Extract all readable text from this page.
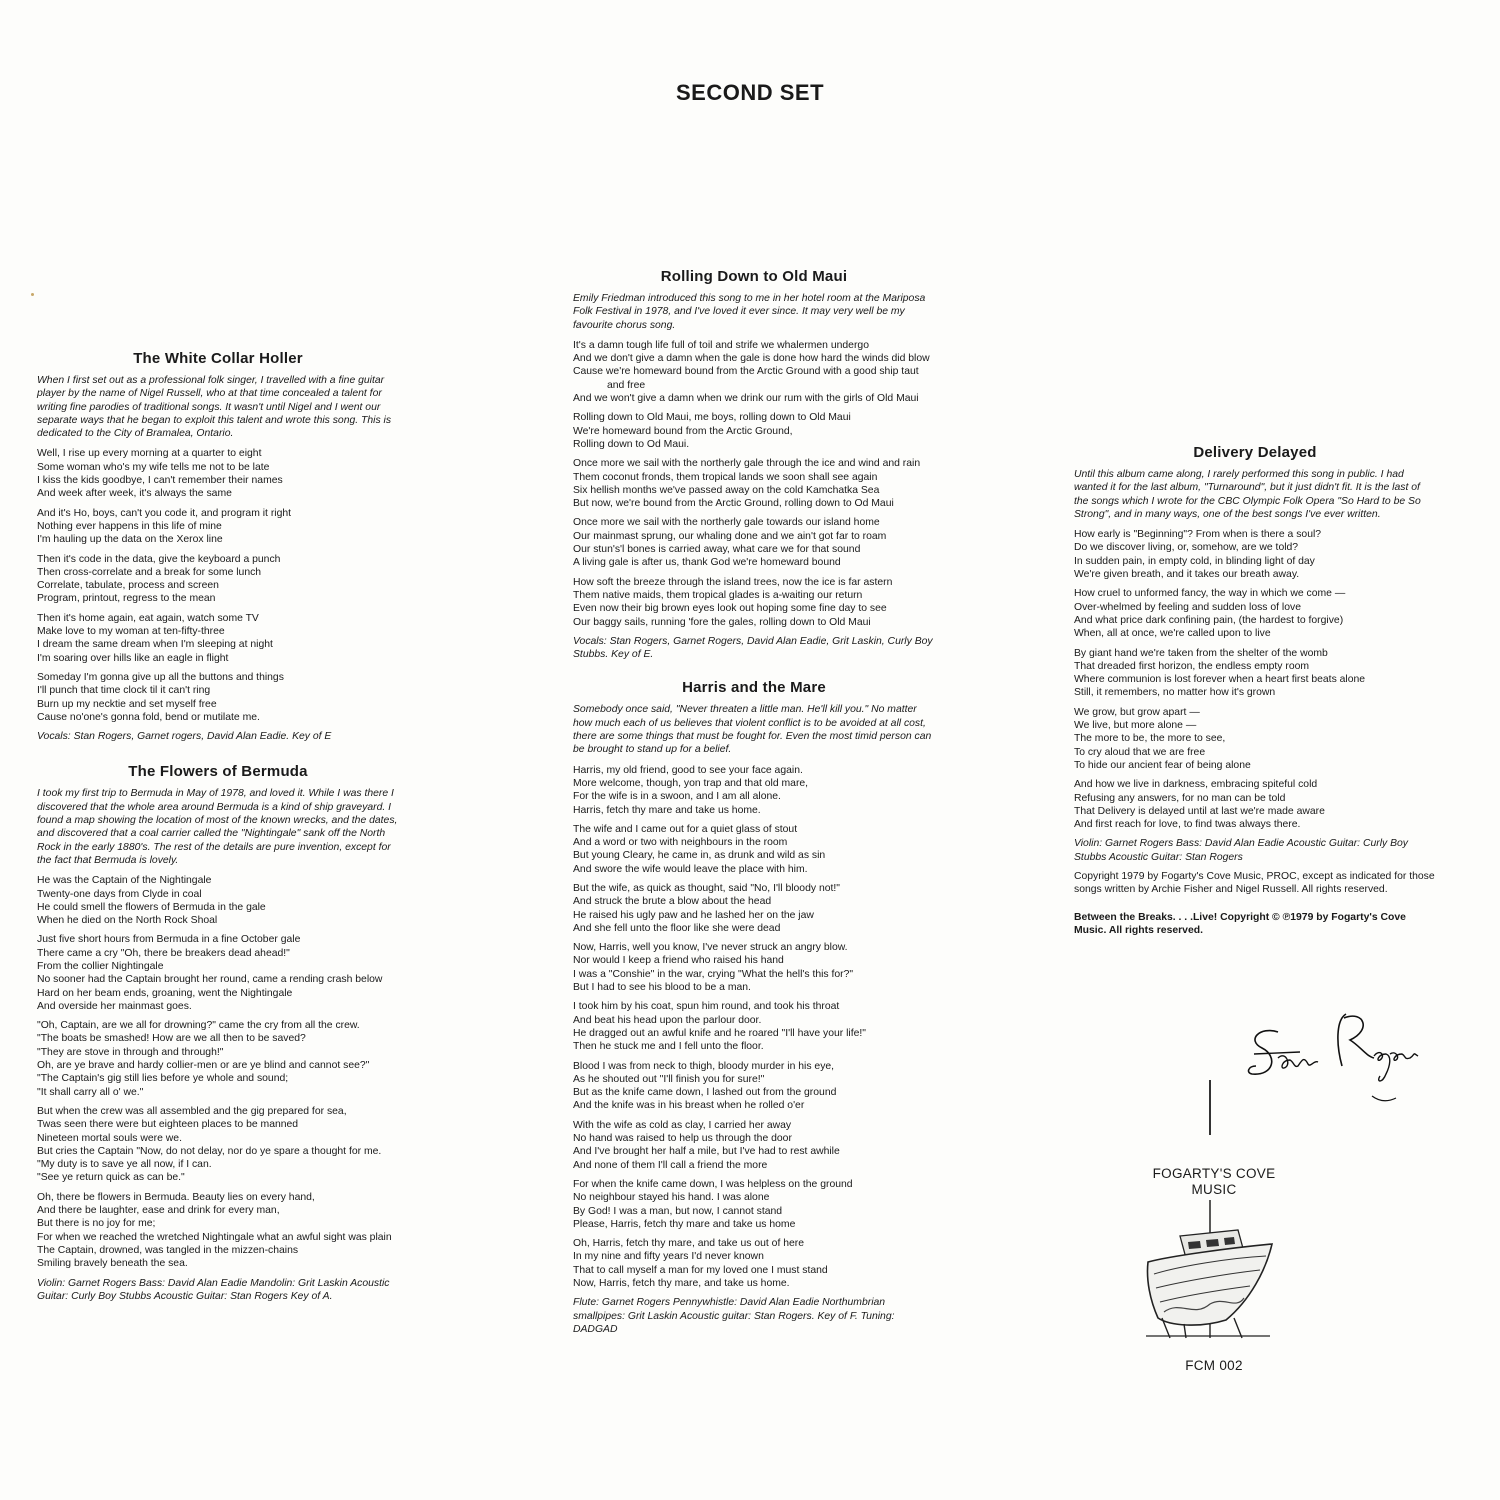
SECOND SET
The White Collar Holler
When I first set out as a professional folk singer, I travelled with a fine guitar player by the name of Nigel Russell, who at that time concealed a talent for writing fine parodies of traditional songs. It wasn't until Nigel and I went our separate ways that he began to exploit this talent and wrote this song. This is dedicated to the City of Bramalea, Ontario.
Well, I rise up every morning at a quarter to eight
Some woman who's my wife tells me not to be late
I kiss the kids goodbye, I can't remember their names
And week after week, it's always the same
And it's Ho, boys, can't you code it, and program it right
Nothing ever happens in this life of mine
I'm hauling up the data on the Xerox line
Then it's code in the data, give the keyboard a punch
Then cross-correlate and a break for some lunch
Correlate, tabulate, process and screen
Program, printout, regress to the mean
Then it's home again, eat again, watch some TV
Make love to my woman at ten-fifty-three
I dream the same dream when I'm sleeping at night
I'm soaring over hills like an eagle in flight
Someday I'm gonna give up all the buttons and things
I'll punch that time clock til it can't ring
Burn up my necktie and set myself free
Cause no'one's gonna fold, bend or mutilate me.
Vocals: Stan Rogers, Garnet rogers, David Alan Eadie. Key of E
The Flowers of Bermuda
I took my first trip to Bermuda in May of 1978, and loved it. While I was there I discovered that the whole area around Bermuda is a kind of ship graveyard. I found a map showing the location of most of the known wrecks, and the dates, and discovered that a coal carrier called the "Nightingale" sank off the North Rock in the early 1880's. The rest of the details are pure invention, except for the fact that Bermuda is lovely.
He was the Captain of the Nightingale
Twenty-one days from Clyde in coal
He could smell the flowers of Bermuda in the gale
When he died on the North Rock Shoal
Just five short hours from Bermuda in a fine October gale
There came a cry "Oh, there be breakers dead ahead!"
From the collier Nightingale
No sooner had the Captain brought her round, came a rending crash below
Hard on her beam ends, groaning, went the Nightingale
And overside her mainmast goes.
"Oh, Captain, are we all for drowning?" came the cry from all the crew.
"The boats be smashed! How are we all then to be saved?
"They are stove in through and through!"
Oh, are ye brave and hardy collier-men or are ye blind and cannot see?"
"The Captain's gig still lies before ye whole and sound;
"It shall carry all o' we."
But when the crew was all assembled and the gig prepared for sea,
Twas seen there were but eighteen places to be manned
Nineteen mortal souls were we.
But cries the Captain "Now, do not delay, nor do ye spare a thought for me.
"My duty is to save ye all now, if I can.
"See ye return quick as can be."
Oh, there be flowers in Bermuda. Beauty lies on every hand,
And there be laughter, ease and drink for every man,
But there is no joy for me;
For when we reached the wretched Nightingale what an awful sight was plain
The Captain, drowned, was tangled in the mizzen-chains
Smiling bravely beneath the sea.
Violin: Garnet Rogers Bass: David Alan Eadie Mandolin: Grit Laskin Acoustic Guitar: Curly Boy Stubbs Acoustic Guitar: Stan Rogers Key of A.
Rolling Down to Old Maui
Emily Friedman introduced this song to me in her hotel room at the Mariposa Folk Festival in 1978, and I've loved it ever since. It may very well be my favourite chorus song.
It's a damn tough life full of toil and strife we whalermen undergo
And we don't give a damn when the gale is done how hard the winds did blow
Cause we're homeward bound from the Arctic Ground with a good ship taut and free
And we won't give a damn when we drink our rum with the girls of Old Maui
Rolling down to Old Maui, me boys, rolling down to Old Maui
We're homeward bound from the Arctic Ground,
Rolling down to Od Maui.
Once more we sail with the northerly gale through the ice and wind and rain
Them coconut fronds, them tropical lands we soon shall see again
Six hellish months we've passed away on the cold Kamchatka Sea
But now, we're bound from the Arctic Ground, rolling down to Od Maui
Once more we sail with the northerly gale towards our island home
Our mainmast sprung, our whaling done and we ain't got far to roam
Our stun's'l bones is carried away, what care we for that sound
A living gale is after us, thank God we're homeward bound
How soft the breeze through the island trees, now the ice is far astern
Them native maids, them tropical glades is a-waiting our return
Even now their big brown eyes look out hoping some fine day to see
Our baggy sails, running 'fore the gales, rolling down to Old Maui
Vocals: Stan Rogers, Garnet Rogers, David Alan Eadie, Grit Laskin, Curly Boy Stubbs. Key of E.
Harris and the Mare
Somebody once said, "Never threaten a little man. He'll kill you." No matter how much each of us believes that violent conflict is to be avoided at all cost, there are some things that must be fought for. Even the most timid person can be brought to stand up for a belief.
Harris, my old friend, good to see your face again.
More welcome, though, yon trap and that old mare,
For the wife is in a swoon, and I am all alone.
Harris, fetch thy mare and take us home.
The wife and I came out for a quiet glass of stout
And a word or two with neighbours in the room
But young Cleary, he came in, as drunk and wild as sin
And swore the wife would leave the place with him.
But the wife, as quick as thought, said "No, I'll bloody not!"
And struck the brute a blow about the head
He raised his ugly paw and he lashed her on the jaw
And she fell unto the floor like she were dead
Now, Harris, well you know, I've never struck an angry blow.
Nor would I keep a friend who raised his hand
I was a "Conshie" in the war, crying "What the hell's this for?"
But I had to see his blood to be a man.
I took him by his coat, spun him round, and took his throat
And beat his head upon the parlour door.
He dragged out an awful knife and he roared "I'll have your life!"
Then he stuck me and I fell unto the floor.
Blood I was from neck to thigh, bloody murder in his eye,
As he shouted out "I'll finish you for sure!"
But as the knife came down, I lashed out from the ground
And the knife was in his breast when he rolled o'er
With the wife as cold as clay, I carried her away
No hand was raised to help us through the door
And I've brought her half a mile, but I've had to rest awhile
And none of them I'll call a friend the more
For when the knife came down, I was helpless on the ground
No neighbour stayed his hand. I was alone
By God! I was a man, but now, I cannot stand
Please, Harris, fetch thy mare and take us home
Oh, Harris, fetch thy mare, and take us out of here
In my nine and fifty years I'd never known
That to call myself a man for my loved one I must stand
Now, Harris, fetch thy mare, and take us home.
Flute: Garnet Rogers Pennywhistle: David Alan Eadie Northumbrian smallpipes: Grit Laskin Acoustic guitar: Stan Rogers. Key of F. Tuning: DADGAD
Delivery Delayed
Until this album came along, I rarely performed this song in public. I had wanted it for the last album, "Turnaround", but it just didn't fit. It is the last of the songs which I wrote for the CBC Olympic Folk Opera "So Hard to be So Strong", and in many ways, one of the best songs I've ever written.
How early is "Beginning"? From when is there a soul?
Do we discover living, or, somehow, are we told?
In sudden pain, in empty cold, in blinding light of day
We're given breath, and it takes our breath away.
How cruel to unformed fancy, the way in which we come —
Over-whelmed by feeling and sudden loss of love
And what price dark confining pain, (the hardest to forgive)
When, all at once, we're called upon to live
By giant hand we're taken from the shelter of the womb
That dreaded first horizon, the endless empty room
Where communion is lost forever when a heart first beats alone
Still, it remembers, no matter how it's grown
We grow, but grow apart —
We live, but more alone —
The more to be, the more to see,
To cry aloud that we are free
To hide our ancient fear of being alone
And how we live in darkness, embracing spiteful cold
Refusing any answers, for no man can be told
That Delivery is delayed until at last we're made aware
And first reach for love, to find twas always there.
Violin: Garnet Rogers Bass: David Alan Eadie Acoustic Guitar: Curly Boy Stubbs Acoustic Guitar: Stan Rogers
Copyright 1979 by Fogarty's Cove Music, PROC, except as indicated for those songs written by Archie Fisher and Nigel Russell. All rights reserved.
Between the Breaks. . . .Live! Copyright © ℗1979 by Fogarty's Cove Music. All rights reserved.
FOGARTY'S COVE
MUSIC
FCM 002
